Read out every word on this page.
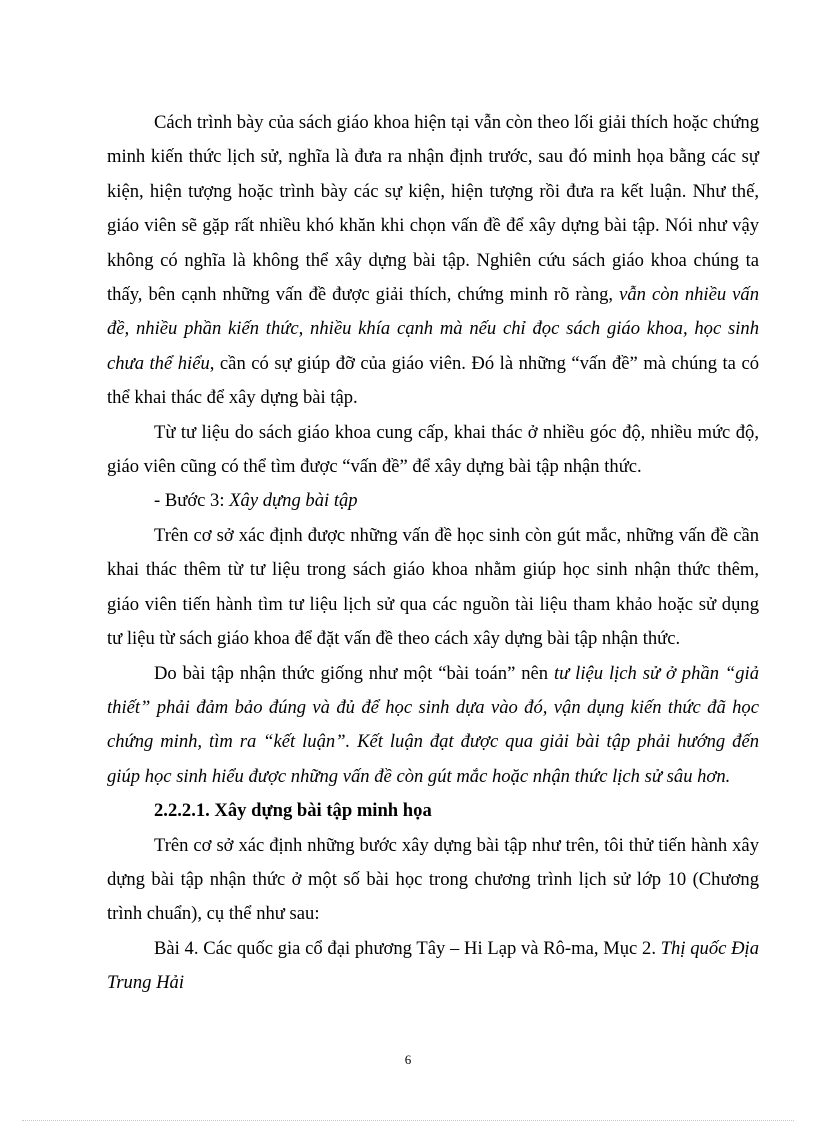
Cách trình bày của sách giáo khoa hiện tại vẫn còn theo lối giải thích hoặc chứng minh kiến thức lịch sử, nghĩa là đưa ra nhận định trước, sau đó minh họa bằng các sự kiện, hiện tượng hoặc trình bày các sự kiện, hiện tượng rồi đưa ra kết luận. Như thế, giáo viên sẽ gặp rất nhiều khó khăn khi chọn vấn đề để xây dựng bài tập. Nói như vậy không có nghĩa là không thể xây dựng bài tập. Nghiên cứu sách giáo khoa chúng ta thấy, bên cạnh những vấn đề được giải thích, chứng minh rõ ràng, vẫn còn nhiều vấn đề, nhiều phần kiến thức, nhiều khía cạnh mà nếu chỉ đọc sách giáo khoa, học sinh chưa thể hiểu, cần có sự giúp đỡ của giáo viên. Đó là những “vấn đề” mà chúng ta có thể khai thác để xây dựng bài tập.

Từ tư liệu do sách giáo khoa cung cấp, khai thác ở nhiều góc độ, nhiều mức độ, giáo viên cũng có thể tìm được “vấn đề” để xây dựng bài tập nhận thức.

- Bước 3: Xây dựng bài tập

Trên cơ sở xác định được những vấn đề học sinh còn gút mắc, những vấn đề cần khai thác thêm từ tư liệu trong sách giáo khoa nhằm giúp học sinh nhận thức thêm, giáo viên tiến hành tìm tư liệu lịch sử qua các nguồn tài liệu tham khảo hoặc sử dụng tư liệu từ sách giáo khoa để đặt vấn đề theo cách xây dựng bài tập nhận thức.

Do bài tập nhận thức giống như một “bài toán” nên tư liệu lịch sử ở phần “giả thiết” phải đảm bảo đúng và đủ để học sinh dựa vào đó, vận dụng kiến thức đã học chứng minh, tìm ra “kết luận”. Kết luận đạt được qua giải bài tập phải hướng đến giúp học sinh hiểu được những vấn đề còn gút mắc hoặc nhận thức lịch sử sâu hơn.

2.2.2.1. Xây dựng bài tập minh họa

Trên cơ sở xác định những bước xây dựng bài tập như trên, tôi thử tiến hành xây dựng bài tập nhận thức ở một số bài học trong chương trình lịch sử lớp 10 (Chương trình chuẩn), cụ thể như sau:

Bài 4. Các quốc gia cổ đại phương Tây – Hi Lạp và Rô-ma, Mục 2. Thị quốc Địa Trung Hải

6
